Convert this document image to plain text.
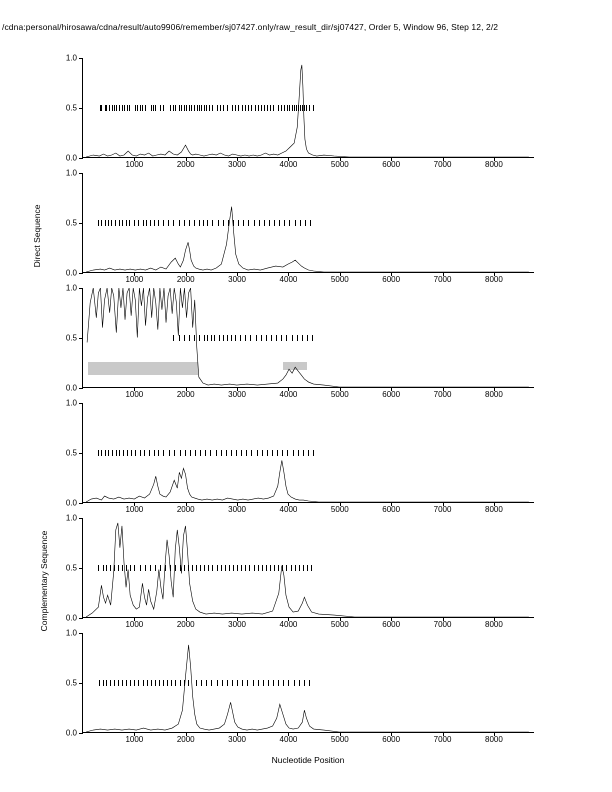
/cdna:personal/hirosawa/cdna/result/auto9906/remember/sj07427.only/raw_result_dir/sj07427, Order 5, Window 96, Step 12, 2/2
0.0
0.5
1.0
1000	2000	3000	4000	5000	6000	7000	8000
0.0
0.5
1.0
1000	2000	3000	4000	5000	6000	7000	8000
0.0
0.5
1.0
1000	2000	3000	4000	5000	6000	7000	8000
0.0
0.5
1.0
1000	2000	3000	4000	5000	6000	7000	8000
0.0
0.5
1.0
1000	2000	3000	4000	5000	6000	7000	8000
0.0
0.5
1.0
1000	2000	3000	4000	5000	6000	7000	8000
Nucleotide Position
Direct Sequence
Complementary Sequence
